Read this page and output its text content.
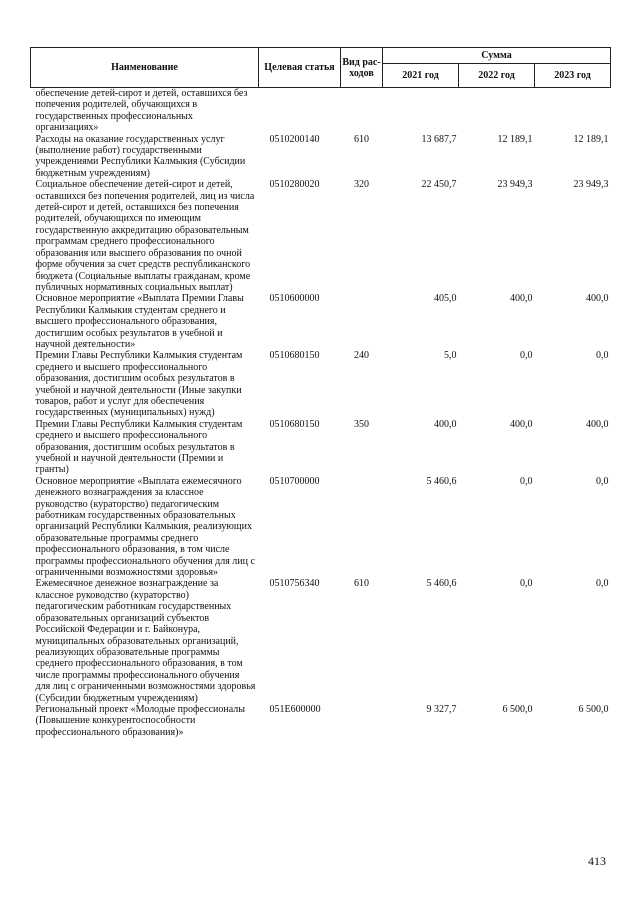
Наименование	Целевая статья	Вид рас-ходов	Сумма		
			2021 год	2022 год	2023 год
обеспечение детей-сирот и детей, оставшихся без попечения родителей, обучающихся в государственных профессиональных организациях»					
Расходы на оказание государственных услуг (выполнение работ) государственными учреждениями Республики Калмыкия (Субсидии бюджетным учреждениям)	0510200140	610	13 687,7	12 189,1	12 189,1
Социальное обеспечение детей-сирот и детей, оставшихся без попечения родителей, лиц из числа детей-сирот и детей, оставшихся без попечения родителей, обучающихся по имеющим государственную аккредитацию образовательным программам среднего профессионального образования или высшего образования по очной форме обучения за счет средств республиканского бюджета (Социальные выплаты гражданам, кроме публичных нормативных социальных выплат)	0510280020	320	22 450,7	23 949,3	23 949,3
Основное мероприятие «Выплата Премии Главы Республики Калмыкия студентам среднего и высшего профессионального образования, достигшим особых результатов в учебной и научной деятельности»	0510600000		405,0	400,0	400,0
Премии Главы Республики Калмыкия студентам среднего и высшего профессионального образования, достигшим особых результатов в учебной и научной деятельности (Иные закупки товаров, работ и услуг для обеспечения государственных (муниципальных) нужд)	0510680150	240	5,0	0,0	0,0
Премии Главы Республики Калмыкия студентам среднего и высшего профессионального образования, достигшим особых результатов в учебной и научной деятельности (Премии и гранты)	0510680150	350	400,0	400,0	400,0
Основное мероприятие «Выплата ежемесячного денежного вознаграждения за классное руководство (кураторство) педагогическим работникам государственных образовательных организаций Республики Калмыкия, реализующих образовательные программы среднего профессионального образования, в том числе программы профессионального обучения для лиц с ограниченными возможностями здоровья»	0510700000		5 460,6	0,0	0,0
Ежемесячное денежное вознаграждение за классное руководство (кураторство) педагогическим работникам государственных образовательных организаций субъектов Российской Федерации и г. Байконура, муниципальных образовательных организаций, реализующих образовательные программы среднего профессионального образования, в том числе программы профессионального обучения для лиц с ограниченными возможностями здоровья (Субсидии бюджетным учреждениям)	0510756340	610	5 460,6	0,0	0,0
Региональный проект «Молодые профессионалы (Повышение конкурентоспособности профессионального образования)»	051E600000		9 327,7	6 500,0	6 500,0
413
